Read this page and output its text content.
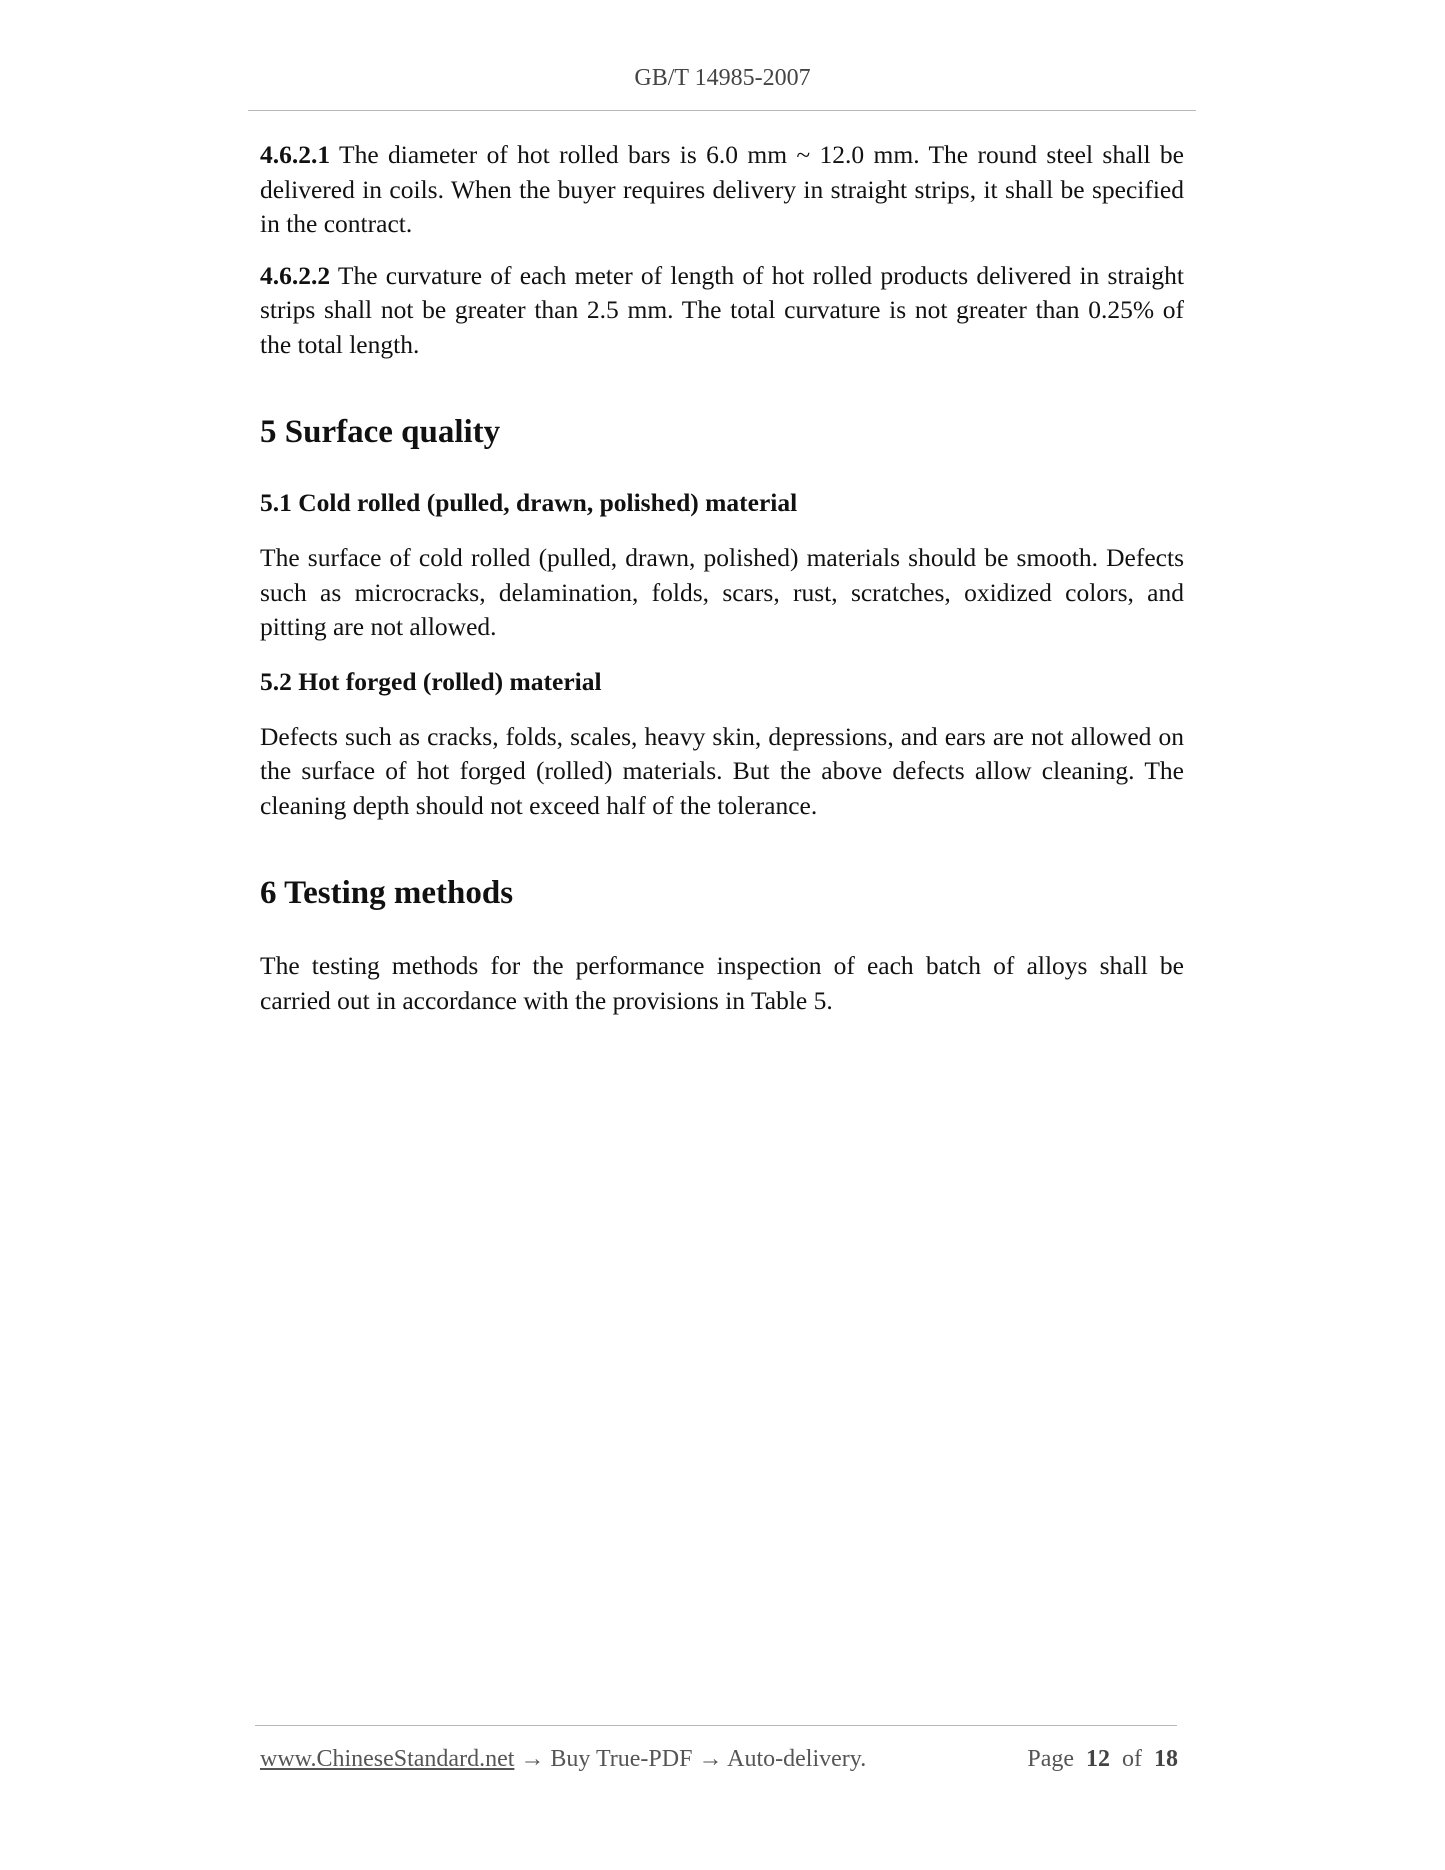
GB/T 14985-2007

4.6.2.1 The diameter of hot rolled bars is 6.0 mm ~ 12.0 mm. The round steel shall be delivered in coils. When the buyer requires delivery in straight strips, it shall be specified in the contract.

4.6.2.2 The curvature of each meter of length of hot rolled products delivered in straight strips shall not be greater than 2.5 mm. The total curvature is not greater than 0.25% of the total length.

5 Surface quality
5.1 Cold rolled (pulled, drawn, polished) material

The surface of cold rolled (pulled, drawn, polished) materials should be smooth. Defects such as microcracks, delamination, folds, scars, rust, scratches, oxidized colors, and pitting are not allowed.

5.2 Hot forged (rolled) material

Defects such as cracks, folds, scales, heavy skin, depressions, and ears are not allowed on the surface of hot forged (rolled) materials. But the above defects allow cleaning. The cleaning depth should not exceed half of the tolerance.

6 Testing methods

The testing methods for the performance inspection of each batch of alloys shall be carried out in accordance with the provisions in Table 5.

www.ChineseStandard.net → Buy True-PDF → Auto-delivery.	Page 12 of 18
